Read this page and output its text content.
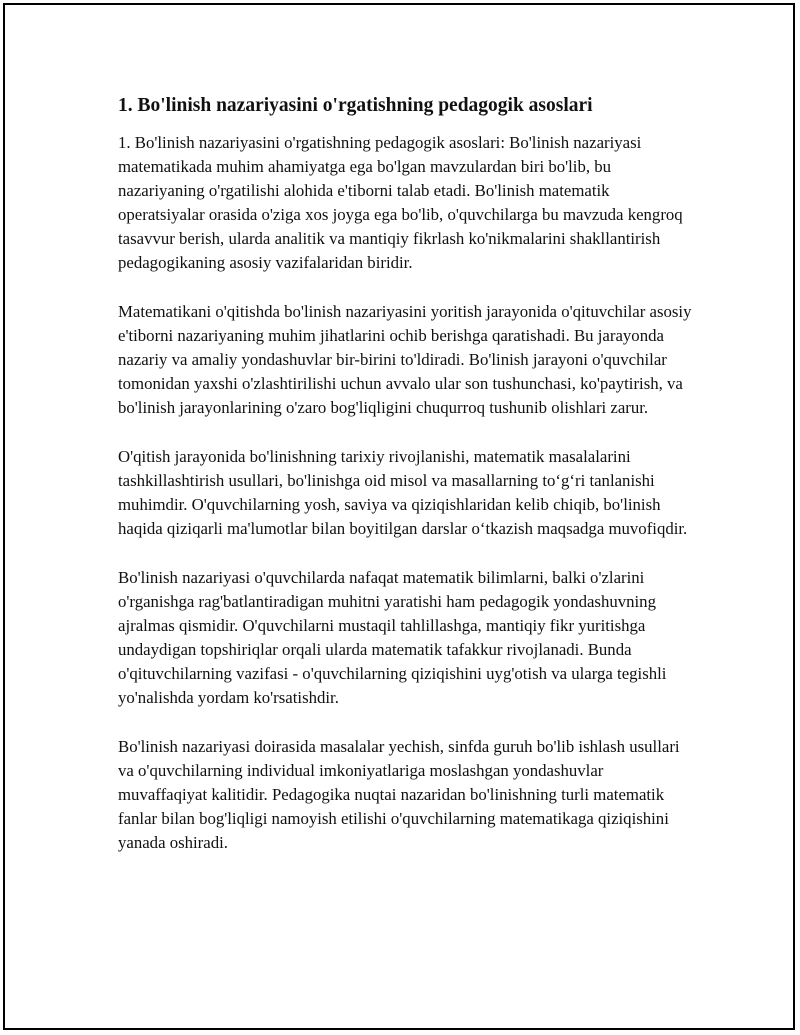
1. Bo'linish nazariyasini o'rgatishning pedagogik asoslari

1. Bo'linish nazariyasini o'rgatishning pedagogik asoslari: Bo'linish nazariyasi matematikada muhim ahamiyatga ega bo'lgan mavzulardan biri bo'lib, bu nazariyaning o'rgatilishi alohida e'tiborni talab etadi. Bo'linish matematik operatsiyalar orasida o'ziga xos joyga ega bo'lib, o'quvchilarga bu mavzuda kengroq tasavvur berish, ularda analitik va mantiqiy fikrlash ko'nikmalarini shakllantirish pedagogikaning asosiy vazifalaridan biridir.

Matematikani o'qitishda bo'linish nazariyasini yoritish jarayonida o'qituvchilar asosiy e'tiborni nazariyaning muhim jihatlarini ochib berishga qaratishadi. Bu jarayonda nazariy va amaliy yondashuvlar bir-birini to'ldiradi. Bo'linish jarayoni o'quvchilar tomonidan yaxshi o'zlashtirilishi uchun avvalo ular son tushunchasi, ko'paytirish, va bo'linish jarayonlarining o'zaro bog'liqligini chuqurroq tushunib olishlari zarur.

O'qitish jarayonida bo'linishning tarixiy rivojlanishi, matematik masalalarini tashkillashtirish usullari, bo'linishga oid misol va masallarning to‘g‘ri tanlanishi muhimdir. O'quvchilarning yosh, saviya va qiziqishlaridan kelib chiqib, bo'linish haqida qiziqarli ma'lumotlar bilan boyitilgan darslar o‘tkazish maqsadga muvofiqdir.

Bo'linish nazariyasi o'quvchilarda nafaqat matematik bilimlarni, balki o'zlarini o'rganishga rag'batlantiradigan muhitni yaratishi ham pedagogik yondashuvning ajralmas qismidir. O'quvchilarni mustaqil tahlillashga, mantiqiy fikr yuritishga undaydigan topshiriqlar orqali ularda matematik tafakkur rivojlanadi. Bunda o'qituvchilarning vazifasi - o'quvchilarning qiziqishini uyg'otish va ularga tegishli yo'nalishda yordam ko'rsatishdir.

Bo'linish nazariyasi doirasida masalalar yechish, sinfda guruh bo'lib ishlash usullari va o'quvchilarning individual imkoniyatlariga moslashgan yondashuvlar muvaffaqiyat kalitidir. Pedagogika nuqtai nazaridan bo'linishning turli matematik fanlar bilan bog'liqligi namoyish etilishi o'quvchilarning matematikaga qiziqishini yanada oshiradi.
